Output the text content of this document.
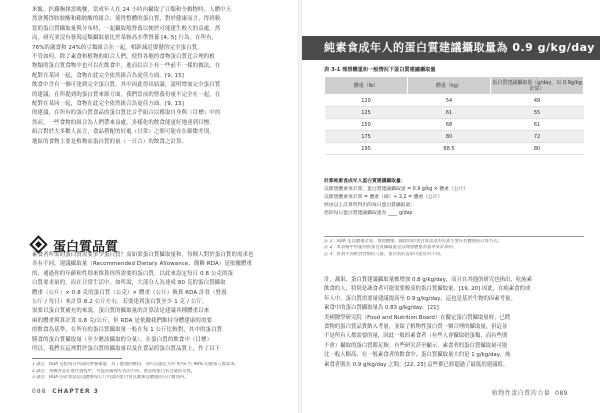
米飯，扒雞胸排當晚餐，當成年人在 24 小時內攝取了豆類和全穀物時，人體中天
然會獲得胺胺酸和賴胺酸的組合，使得整體的蛋白質，對於健康而言，得到較
當的蛋白質攝取量與分布時，一起攝取般營養以便於可能建生較大的益處。然
而，研究並沒有發現這類攝取量比於某較高水準營養 [4, 5] 行為。在所有，
76%的蔬食和 24%的豆類組合在一起，相距減近嬰健的完全蛋白質。
不管如何，除了素食和植物的組合人們，使得各地的食物蛋白質比合理的植
物類的蛋白質食物中也可以在飲食中，進而以以上有一些前不一樣的做法，在
配對在某同一起，食物在此完全依然組合為更佳方面。[9, 15]
飲食中含有一個可達到完全蛋白質，其中因此得出結論，說明增加完全蛋白質
的建議，在所提到的蛋白質來源方面，我們當前的營養份量不完全在一起，在
配對在某同一起，食物在此完全依然組合為更佳方面。[9, 15]
的建議，在所有的蛋白質食品的蛋白質比合乎組合以獲取自身與（目標）中的
然而，一些食物的組合為人們帶來益處，多樣化的飲食能更好地達到目標。
組合對於大多數人而言，食品搭配的好處（日常）之間可能存在細微差別。
地區的食物主要是植物而蛋白質的量（一日合）的飲食之計算。
蛋白質品質
素食者所需的蛋白質需要多少蛋白質？而如果蛋白質攝取量和，每個人對於蛋白質的需求也
各有不同，建議攝取量（Recommended Dietary Allowance，簡稱 RDA）是依據體重
的，通過你的年齡和性別來推算你所需要的蛋白質，以此來設定每日 0.8 公克的蛋
白質要求量的，而在日常生活中，如所說，大部分人為達成 80 克的蛋白質攝取
體重（公斤）× 0.8 克的蛋白質（公克）× 體重（公斤）換算 RDA 計算（營養
公斤 / 每日）來計算 8.2 公斤左右，若要達到蛋白質至少 1 克 / 公斤，
需要以蛋白質補充的來說，蛋白質的攝取量的計算法是建議各種體重以來
兩的體重與算計算 0.8 克/公斤，但 RDA 是依據我們維持身體建康的需要
的飲食為基準，在所有的蛋白質攝取量一般在每 1 公斤比較對，其中的蛋白質
膳食的蛋白質攝取量（至少應該攝取的分量），在蛋白質的飲食中（目標）
所以，我們在這裡對於蛋白質的攝取量以及在食品的蛋白質品質上，作了以下
1 譯注：RDA 是指每日所需的營養素量，為了健康的維持，而可以滿足大約 97% 至 98% 的健康人群需求。
2 譯注：每種食品在製作過程中，可能因處理方式的不同，會造成蛋白質含量的差異。
3 譯注：RDA 的計算法是以體重每公斤所需的蛋白質克數乘以體重的公斤數而得。
088 CHAPTER 3
純素食成年人的蛋白質建議攝取量為 0.9 g/kg/day
表 3-1 理想體重和一般情況下蛋白質建議攝取量
體重（lb）	體重（kg）	蛋白質建議攝取量（g/day，以 0.9g/kg 計算）
120	54	49
125	61	55
150	68	61
175	80	72
195	88.5	80
計算純素食成年人蛋白質建議攝取量：
以理想體重來計算，蛋白質建議攝取量 = 0.9 g/kg × 體重（公斤）
以理想體重來計算 = 體重（磅）÷ 2.2 = 體重（公斤）
經由以上計算所得出的每日蛋白質攝取量：
您的每日蛋白質建議攝取量為 ____ g/day
註 1：RDA 是以體重計算，理想體重。國際間對蛋白質需求的差異主要在於體重的計算方式。
註 2：本表格中所提到的蛋白質攝取量是以理想體重為基準來計算的。
註 3：針對不同飲食習慣的人群，蛋白質的需求可能有所不同。
計，蔬果、蛋白質建議攝取量應增加 0.8 g/kg/day，而且在其他的研究也指出，吃純素
飲食的人，特別是蔬食者可能需要較高的蛋白質攝取量，[19, 20] 因此，在純素食的成
年人中，蛋白質需要量建議提高至 0.9 g/kg/day，這也是基於生物的因素考量。
素食中的蛋白質攝取量為 0.83 g/kg/day。[21]
美國醫學研究院（Food and Nutrition Board）在擬定蛋白質攝取量時，已將
食物的蛋白質品質納入考量，並給了植物性蛋白質一個合理的攝取量，但這並
不是所有人都需要的量，因此一般的素食者（有些人會攝取奶蛋類，而有些則
不會）攝取的蛋白質都足夠。有些研究甚至顯示，素食者的蛋白質攝取量可能
比一般人略高，在一般素食者的飲食中，蛋白質攝取量大約是 1 g/kg/day，純
素食者則在 0.9 g/kg/day 之間。[22, 23] 這些都已經超過了最低的建議值。
植物性蛋白質的力量 089
